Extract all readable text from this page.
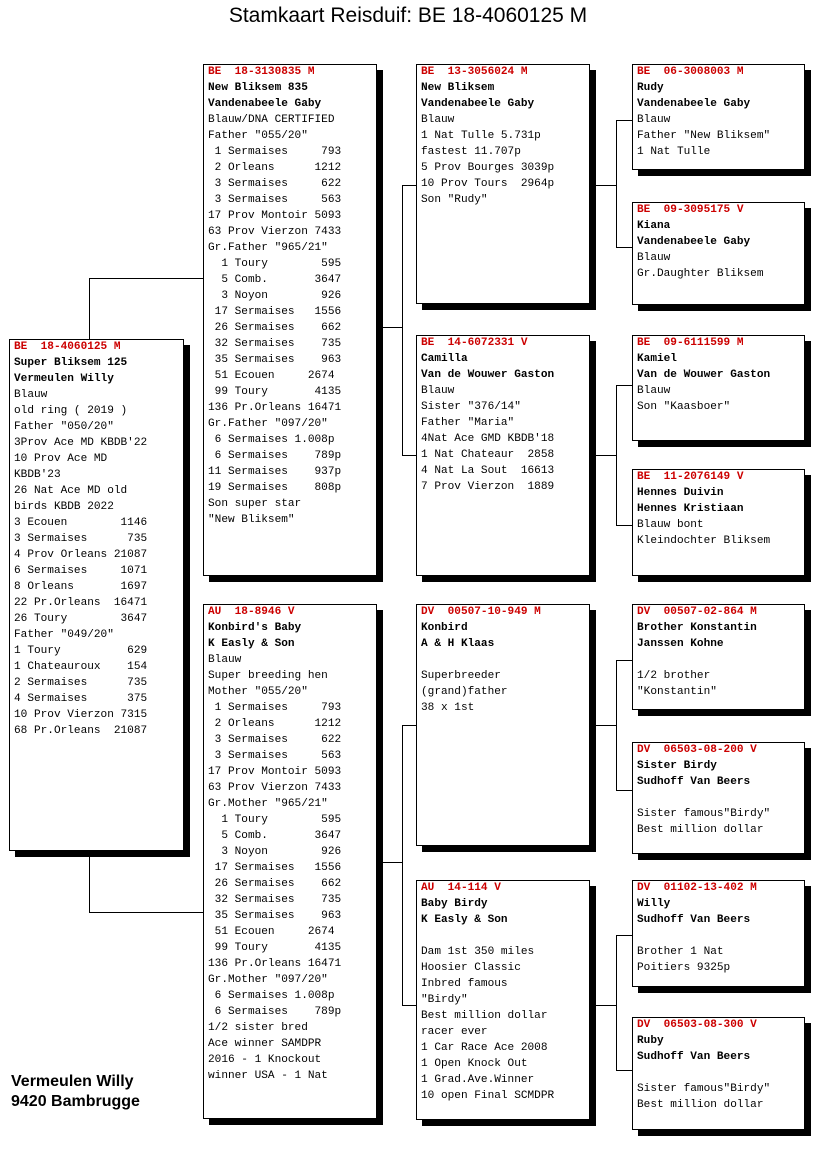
Stamkaart Reisduif: BE 18-4060125 M
BE  18-4060125 M
Super Bliksem 125
Vermeulen Willy
Blauw
old ring ( 2019 )
Father "050/20"
3Prov Ace MD KBDB'22
10 Prov Ace MD
KBDB'23
26 Nat Ace MD old
birds KBDB 2022
3 Ecouen        1146
3 Sermaises      735
4 Prov Orleans 21087
6 Sermaises     1071
8 Orleans       1697
22 Pr.Orleans  16471
26 Toury        3647
Father "049/20"
1 Toury          629
1 Chateauroux    154
2 Sermaises      735
4 Sermaises      375
10 Prov Vierzon 7315
68 Pr.Orleans  21087
BE  18-3130835 M
New Bliksem 835
Vandenabeele Gaby
Blauw/DNA CERTIFIED
Father "055/20"
1 Sermaises     793
2 Orleans      1212
3 Sermaises     622
3 Sermaises     563
17 Prov Montoir 5093
63 Prov Vierzon 7433
Gr.Father "965/21"
1 Toury        595
5 Comb.       3647
3 Noyon        926
17 Sermaises   1556
26 Sermaises    662
32 Sermaises    735
35 Sermaises    963
51 Ecouen     2674
99 Toury       4135
136 Pr.Orleans 16471
Gr.Father "097/20"
6 Sermaises 1.008p
6 Sermaises    789p
11 Sermaises    937p
19 Sermaises    808p
Son super star
"New Bliksem"
AU  18-8946 V
Konbird's Baby
K Easly & Son
Blauw
Super breeding hen
Mother "055/20"
1 Sermaises     793
2 Orleans      1212
3 Sermaises     622
3 Sermaises     563
17 Prov Montoir 5093
63 Prov Vierzon 7433
Gr.Mother "965/21"
1 Toury        595
5 Comb.       3647
3 Noyon        926
17 Sermaises   1556
26 Sermaises    662
32 Sermaises    735
35 Sermaises    963
51 Ecouen     2674
99 Toury       4135
136 Pr.Orleans 16471
Gr.Mother "097/20"
6 Sermaises 1.008p
6 Sermaises    789p
1/2 sister bred
Ace winner SAMDPR
2016 - 1 Knockout
winner USA - 1 Nat
BE  13-3056024 M
New Bliksem
Vandenabeele Gaby
Blauw
1 Nat Tulle 5.731p
fastest 11.707p
5 Prov Bourges 3039p
10 Prov Tours  2964p
Son "Rudy"
BE  14-6072331 V
Camilla
Van de Wouwer Gaston
Blauw
Sister "376/14"
Father "Maria"
4Nat Ace GMD KBDB'18
1 Nat Chateaur  2858
4 Nat La Sout  16613
7 Prov Vierzon  1889
DV  00507-10-949 M
Konbird
A & H Klaas

Superbreeder
(grand)father
38 x 1st
AU  14-114 V
Baby Birdy
K Easly & Son

Dam 1st 350 miles
Hoosier Classic
Inbred famous
"Birdy"
Best million dollar
racer ever
1 Car Race Ace 2008
1 Open Knock Out
1 Grad.Ave.Winner
10 open Final SCMDPR
BE  06-3008003 M
Rudy
Vandenabeele Gaby
Blauw
Father "New Bliksem"
1 Nat Tulle
BE  09-3095175 V
Kiana
Vandenabeele Gaby
Blauw
Gr.Daughter Bliksem
BE  09-6111599 M
Kamiel
Van de Wouwer Gaston
Blauw
Son "Kaasboer"
BE  11-2076149 V
Hennes Duivin
Hennes Kristiaan
Blauw bont
Kleindochter Bliksem
DV  00507-02-864 M
Brother Konstantin
Janssen Kohne

1/2 brother
"Konstantin"
DV  06503-08-200 V
Sister Birdy
Sudhoff Van Beers

Sister famous"Birdy"
Best million dollar
DV  01102-13-402 M
Willy
Sudhoff Van Beers

Brother 1 Nat
Poitiers 9325p
DV  06503-08-300 V
Ruby
Sudhoff Van Beers

Sister famous"Birdy"
Best million dollar
Vermeulen Willy
9420 Bambrugge
